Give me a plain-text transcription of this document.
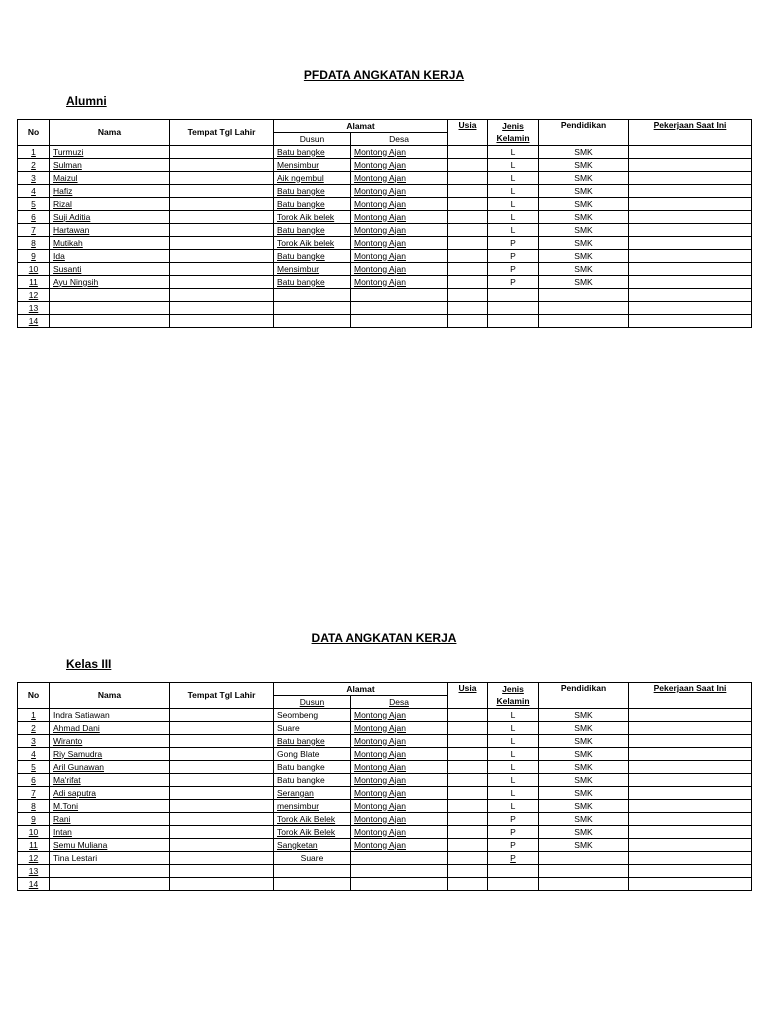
PFDATA ANGKATAN KERJA
Alumni
No	Nama	Tempat Tgl Lahir	Alamat		Usia	Jenis	Pendidikan	Pekerjaan Saat Ini
			Dusun	Desa		Kelamin		
1	Turmuzi		Batu bangke	Montong Ajan		L	SMK	
2	Sulman		Mensimbur	Montong Ajan		L	SMK	
3	Maizul		Aik ngembul	Montong Ajan		L	SMK	
4	Hafiz		Batu bangke	Montong Ajan		L	SMK	
5	Rizal		Batu bangke	Montong Ajan		L	SMK	
6	Suji Aditia		Torok Aik belek	Montong Ajan		L	SMK	
7	Hartawan		Batu bangke	Montong Ajan		L	SMK	
8	Mutikah		Torok Aik belek	Montong Ajan		P	SMK	
9	Ida		Batu bangke	Montong Ajan		P	SMK	
10	Susanti		Mensimbur	Montong Ajan		P	SMK	
11	Ayu Ningsih		Batu bangke	Montong Ajan		P	SMK	
12								
13								
14								
DATA ANGKATAN KERJA
Kelas III
No	Nama	Tempat Tgl Lahir	Alamat		Usia	Jenis	Pendidikan	Pekerjaan Saat Ini
			Dusun	Desa		Kelamin		
1	Indra Satiawan		Seombeng	Montong Ajan		L	SMK	
2	Ahmad Dani		Suare	Montong Ajan		L	SMK	
3	Wiranto		Batu bangke	Montong Ajan		L	SMK	
4	Riy Samudra		Gong Blate	Montong Ajan		L	SMK	
5	Aril Gunawan		Batu bangke	Montong Ajan		L	SMK	
6	Ma'rifat		Batu bangke	Montong Ajan		L	SMK	
7	Adi saputra		Serangan	Montong Ajan		L	SMK	
8	M.Toni		mensimbur	Montong Ajan		L	SMK	
9	Rani		Torok Aik Belek	Montong Ajan		P	SMK	
10	Intan		Torok Aik Belek	Montong Ajan		P	SMK	
11	Semu Muliana		Sangketan	Montong Ajan		P	SMK	
12	Tina Lestari		Suare			P		
13								
14								
